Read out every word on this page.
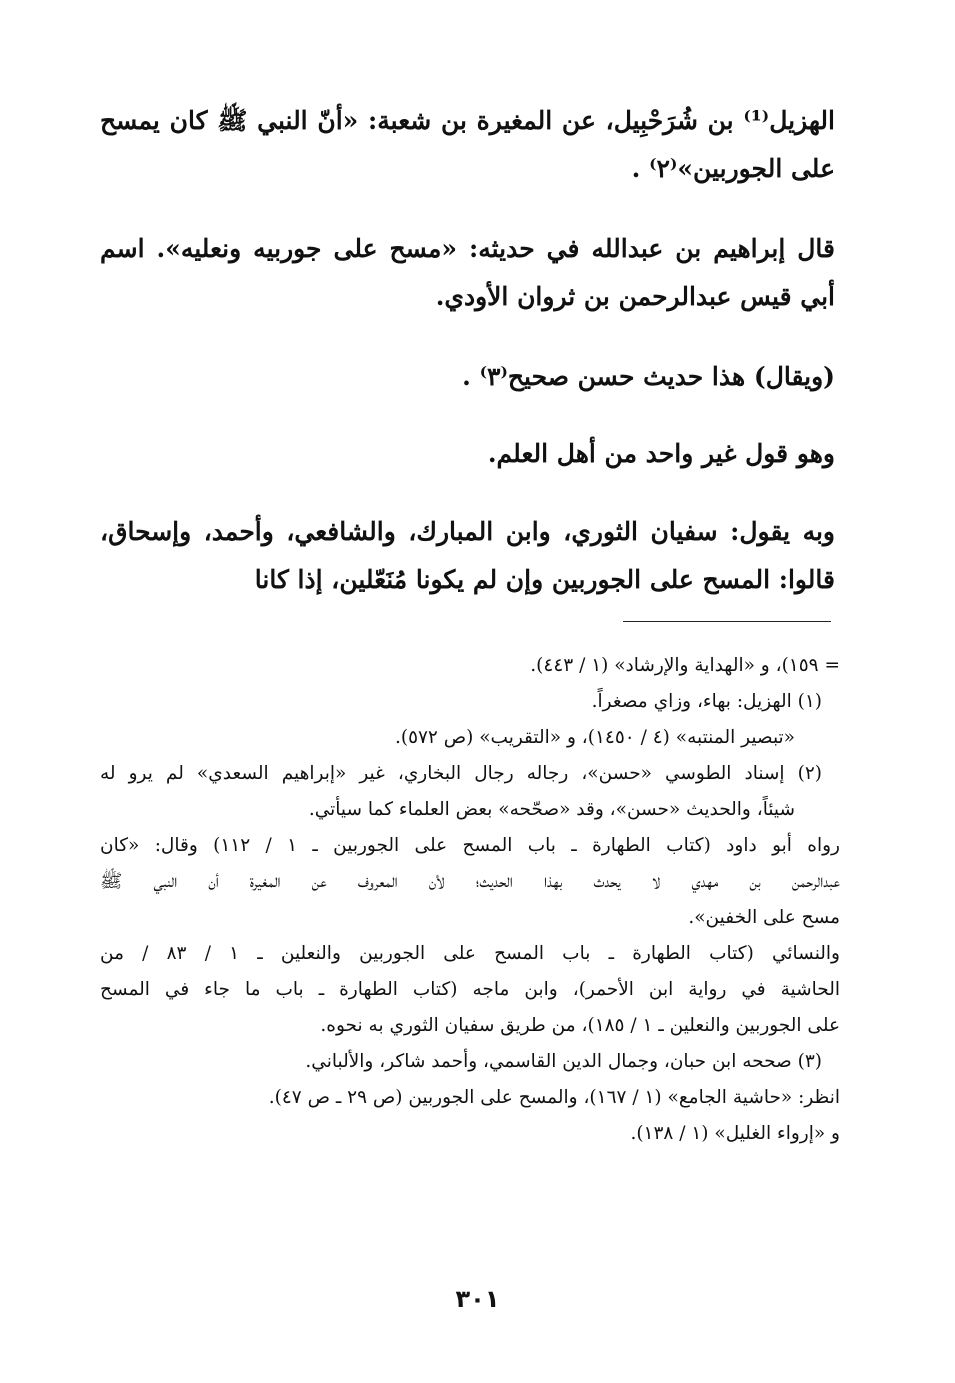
الهزيل⁽¹⁾ بن شُرَحْبِيل، عن المغيرة بن شعبة: «أنّ النبي ﷺ كان يمسح على الجوربين»⁽٢⁾ .

قال إبراهيم بن عبدالله في حديثه: «مسح على جوربيه ونعليه». اسم أبي قيس عبدالرحمن بن ثروان الأودي.

(ويقال) هذا حديث حسن صحيح⁽٣⁾ .

وهو قول غير واحد من أهل العلم.

وبه يقول: سفيان الثوري، وابن المبارك، والشافعي، وأحمد، وإسحاق، قالوا: المسح على الجوربين وإن لم يكونا مُنَعّلين، إذا كانا

= ١٥٩)، و «الهداية والإرشاد» (١ / ٤٤٣).
(١) الهزيل: بهاء، وزاي مصغراً.
«تبصير المنتبه» (٤ / ١٤٥٠)، و «التقريب» (ص ٥٧٢).
(٢) إسناد الطوسي «حسن»، رجاله رجال البخاري، غير «إبراهيم السعدي» لم يرو له
شيئاً، والحديث «حسن»، وقد «صحّحه» بعض العلماء كما سيأتي.
رواه أبو داود (كتاب الطهارة ـ باب المسح على الجوربين ـ ١ / ١١٢) وقال: «كان
عبدالرحمن بن مهدي لا يحدث بهذا الحديث؛ لأن المعروف عن المغيرة أن النبي ﷺ
مسح على الخفين».
والنسائي (كتاب الطهارة ـ باب المسح على الجوربين والنعلين ـ ١ / ٨٣ / من
الحاشية في رواية ابن الأحمر)، وابن ماجه (كتاب الطهارة ـ باب ما جاء في المسح
على الجوربين والنعلين ـ ١ / ١٨٥)، من طريق سفيان الثوري به نحوه.
(٣) صححه ابن حبان، وجمال الدين القاسمي، وأحمد شاكر، والألباني.
انظر: «حاشية الجامع» (١ / ١٦٧)، والمسح على الجوربين (ص ٢٩ ـ ص ٤٧).
و «إرواء الغليل» (١ / ١٣٨).
٣٠١
